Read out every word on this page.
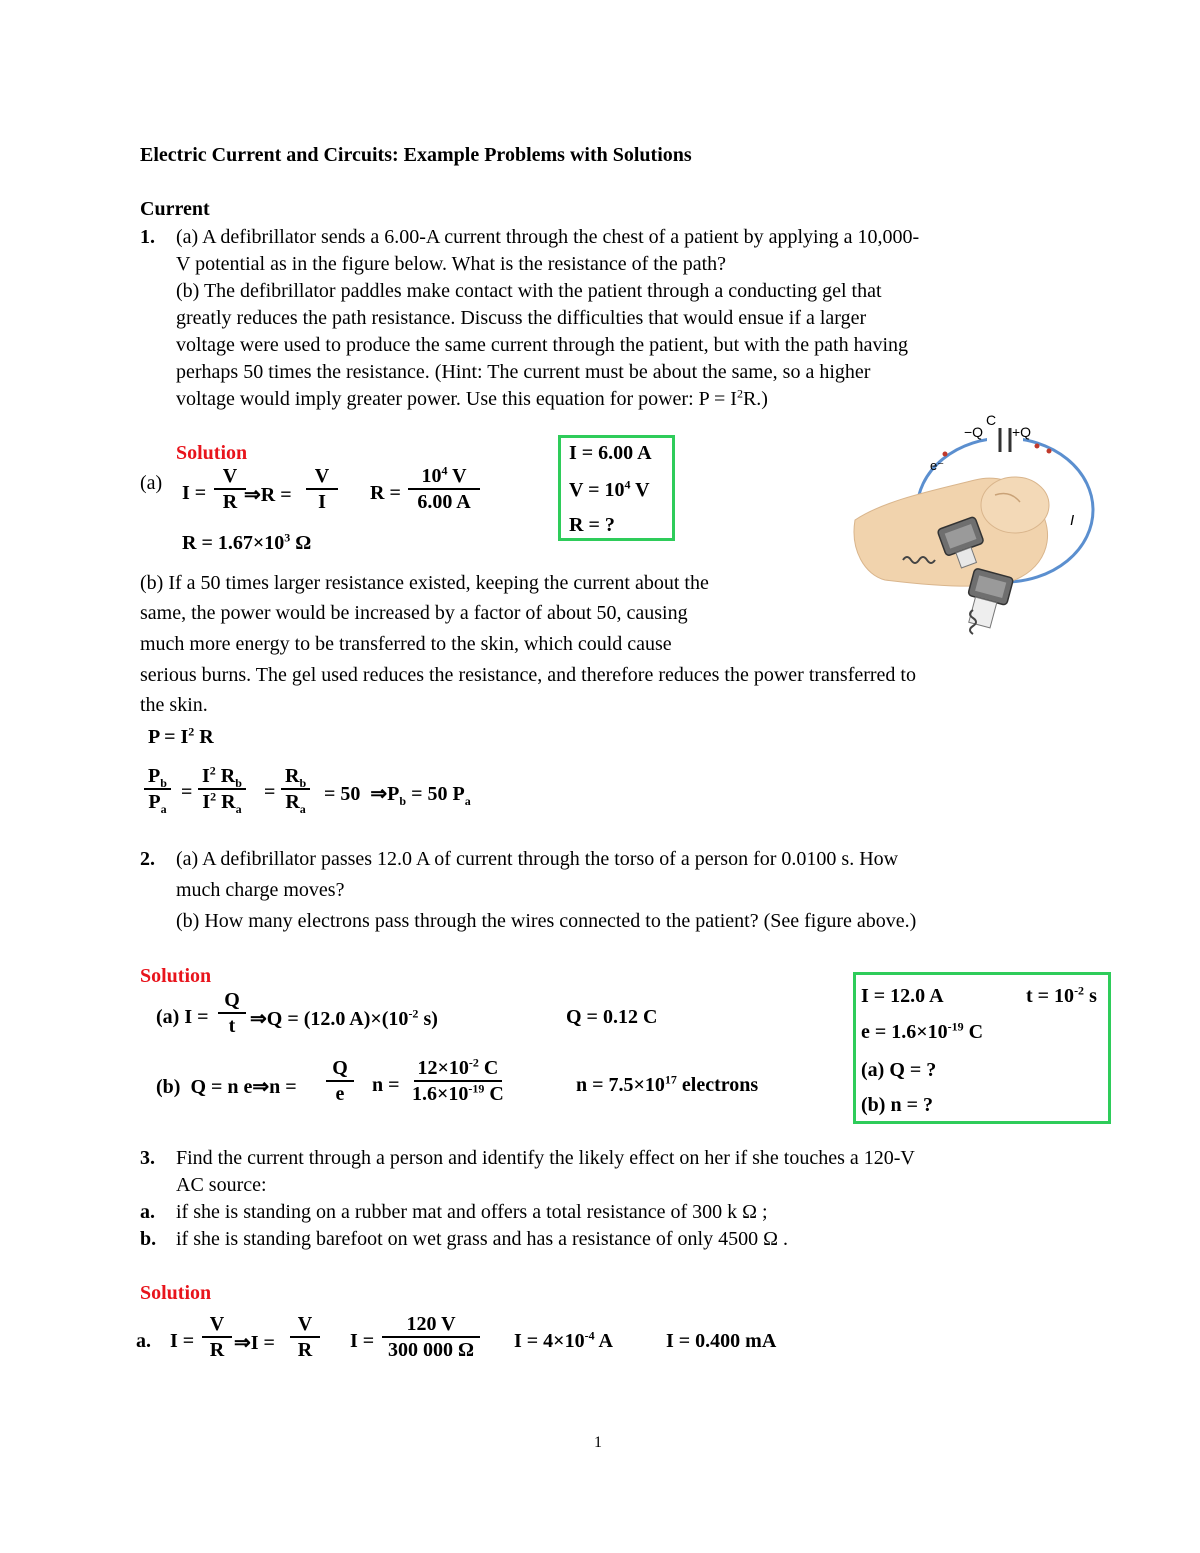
Electric Current and Circuits: Example Problems with Solutions
Current
1. (a) A defibrillator sends a 6.00-A current through the chest of a patient by applying a 10,000-
V potential as in the figure below. What is the resistance of the path?
(b) The defibrillator paddles make contact with the patient through a conducting gel that
greatly reduces the path resistance. Discuss the difficulties that would ensue if a larger
voltage were used to produce the same current through the patient, but with the path having
perhaps 50 times the resistance. (Hint: The current must be about the same, so a higher
voltage would imply greater power. Use this equation for power: $P = I^2R$.)
Solution
(a) $I = \frac{V}{R}$
⇒R = $\frac{V}{I}$ $R = \frac{10^4 V}{6.00 A}$
$R = 1.67\times 10^3$ Ω
I = 6.00 A
$V = 10^4$ V
R = ?
C
−Q +Q
e⁻
I
(b) If a 50 times larger resistance existed, keeping the current about the
same, the power would be increased by a factor of about 50, causing
much more energy to be transferred to the skin, which could cause
serious burns. The gel used reduces the resistance, and therefore reduces the power transferred to
the skin.
$P = I^2$ R
$\frac{P_b}{P_a} = \frac{I^2 R_b}{I^2 R_a} = \frac{R_b}{R_a} = 50$  $\Rightarrow P_b = 50$ $P_a$
2. (a) A defibrillator passes 12.0 A of current through the torso of a person for 0.0100 s. How
much charge moves?
(b) How many electrons pass through the wires connected to the patient? (See figure above.)
Solution
(a) $I = \frac{Q}{t}$ ⇒Q = (12.0 $A)\times(10^{-2}$ s)	Q = 0.12 C
(b)  Q = n e⇒n = $\frac{Q}{e}$ $n = \frac{12\times 10^{-2} C}{1.6\times 10^{-19} C}$	$n = 7.5\times 10^{17}$ electrons
I = 12.0 A	$t = 10^{-2}$ s
$e = 1.6\times 10^{-19}$ C
(a) Q = ?
(b) n = ?
3. Find the current through a person and identify the likely effect on her if she touches a 120-V
AC source:
a. if she is standing on a rubber mat and offers a total resistance of 300 k Ω ;
b. if she is standing barefoot on wet grass and has a resistance of only 4500 Ω .
Solution
a. $I = \frac{V}{R}$ ⇒I = $\frac{V}{R}$ $I = \frac{120 V}{300 000 \Omega}$ $I = 4\times 10^{-4}$ A	I = 0.400 mA
1
